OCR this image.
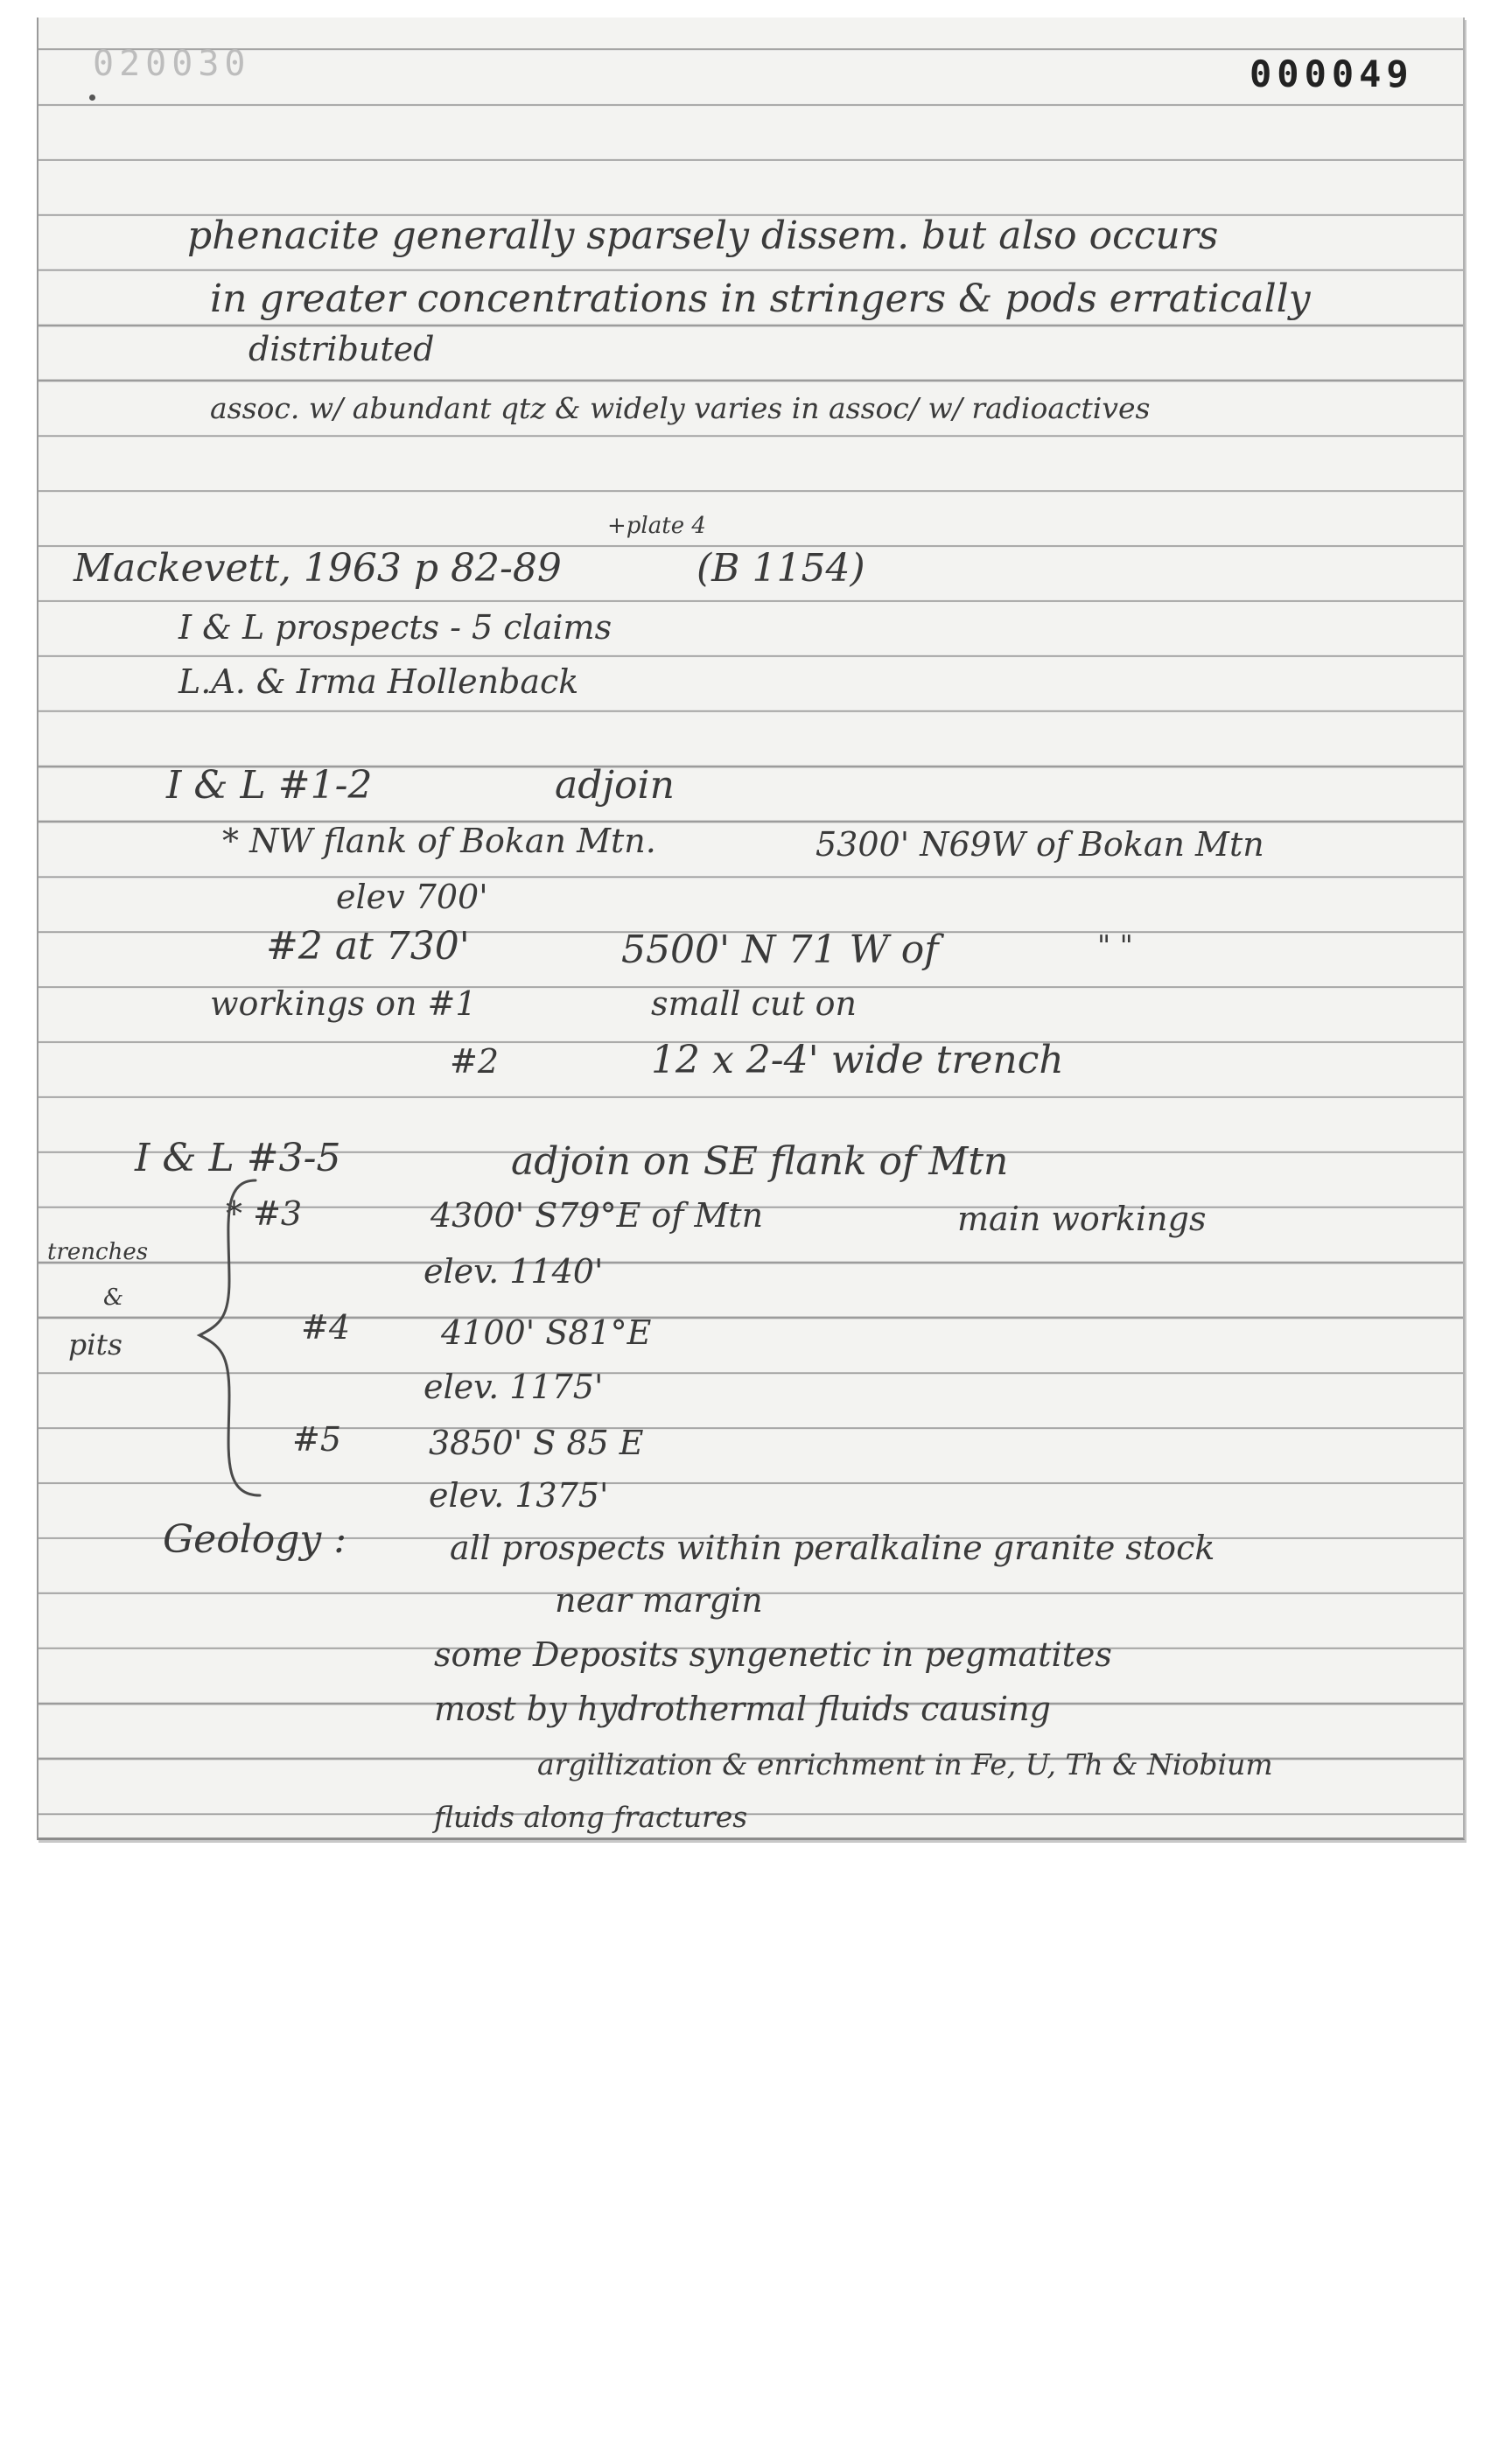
020030	000049
phenacite generally sparsely dissem. but also occurs
in greater concentrations in stringers & pods erratically
distributed
assoc. w/ abundant qtz & widely varies in assoc/ w/ radioactives
Mackevett, 1963 p 82-89
+plate 4
(B 1154)
I & L prospects - 5 claims
L.A. & Irma Hollenback
I & L #1-2	adjoin
* NW flank of Bokan Mtn.	5300' N69W of Bokan Mtn
elev 700'
#2 at 730'	5500' N 71 W of	" "
workings on #1	small cut on
#2	12 x 2-4' wide trench
I & L #3-5	adjoin on SE flank of Mtn
* #3	4300' S79°E of Mtn	main workings
trenches
&
pits
elev. 1140'
#4	4100' S81°E
elev. 1175'
#5	3850' S 85 E
elev. 1375'
Geology :	all prospects within peralkaline granite stock
near margin
some Deposits syngenetic in pegmatites
most by hydrothermal fluids causing
argillization & enrichment in Fe, U, Th & Niobium
fluids along fractures
